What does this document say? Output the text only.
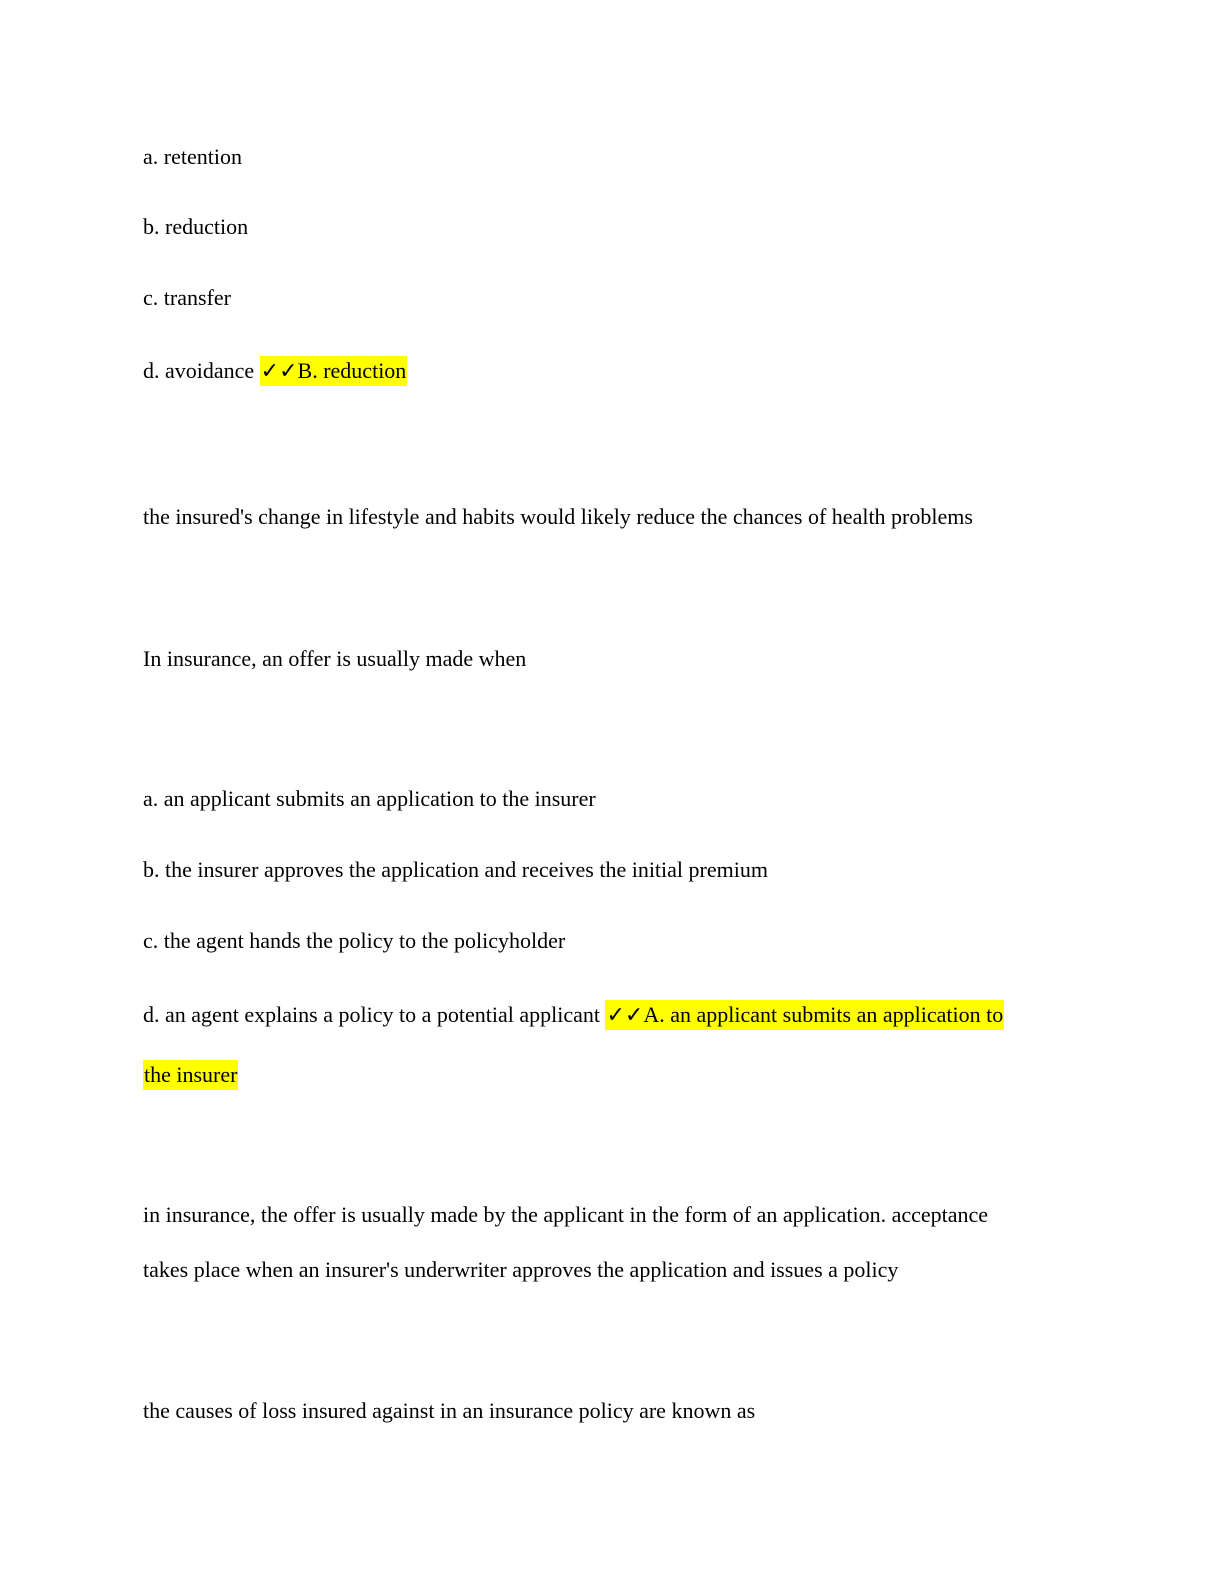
a. retention
b. reduction
c. transfer
d. avoidance ✓✓B. reduction
the insured's change in lifestyle and habits would likely reduce the chances of health problems
In insurance, an offer is usually made when
a. an applicant submits an application to the insurer
b. the insurer approves the application and receives the initial premium
c. the agent hands the policy to the policyholder
d. an agent explains a policy to a potential applicant ✓✓A. an applicant submits an application to
the insurer
in insurance, the offer is usually made by the applicant in the form of an application. acceptance
takes place when an insurer's underwriter approves the application and issues a policy
the causes of loss insured against in an insurance policy are known as
